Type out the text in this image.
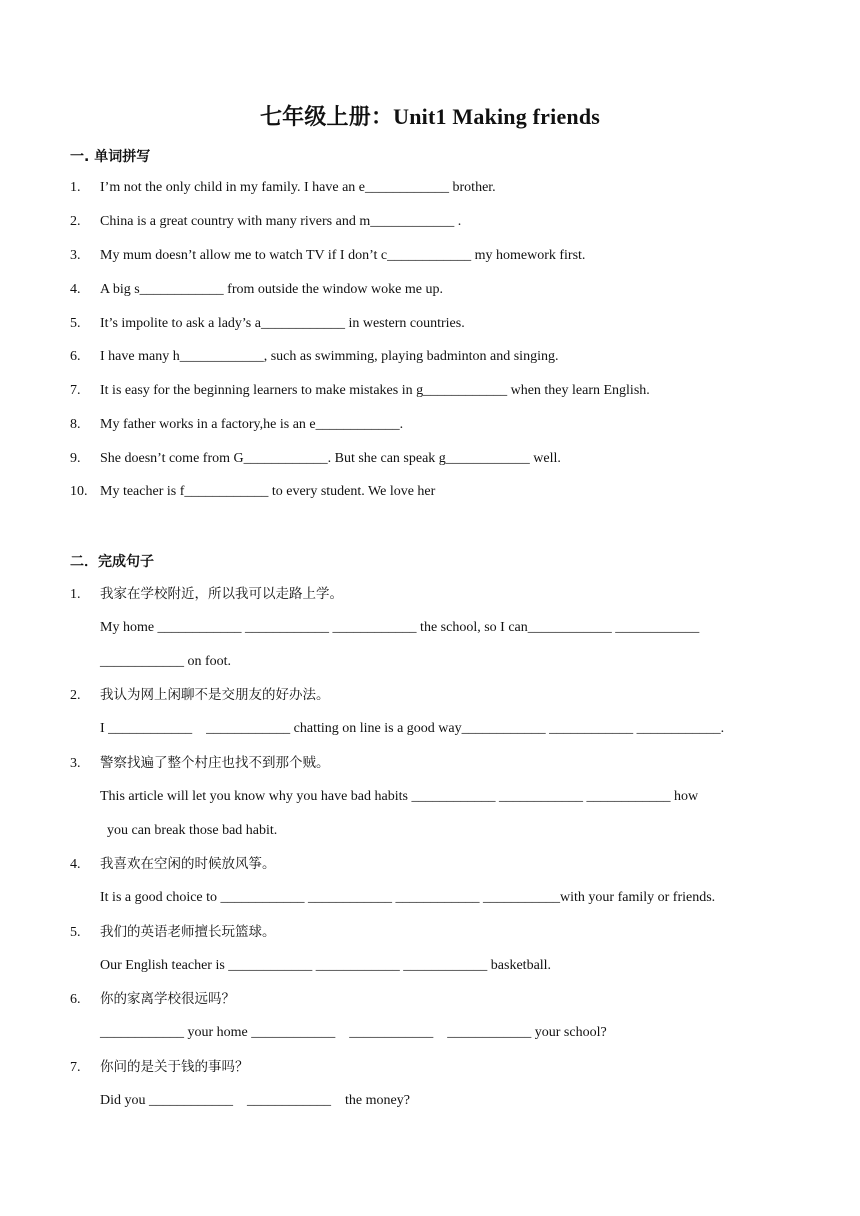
七年级上册：Unit1 Making friends
一. 单词拼写
1. I’m not the only child in my family. I have an e____________ brother.
2. China is a great country with many rivers and m____________ .
3. My mum doesn’t allow me to watch TV if I don’t c____________ my homework first.
4. A big s____________ from outside the window woke me up.
5. It’s impolite to ask a lady’s a____________ in western countries.
6. I have many h____________, such as swimming, playing badminton and singing.
7. It is easy for the beginning learners to make mistakes in g____________ when they learn English.
8. My father works in a factory,he is an e____________.
9. She doesn’t come from G____________. But she can speak g____________ well.
10. My teacher is f____________ to every student. We love her
二．完成句子
1. 我家在学校附近，所以我可以走路上学。
My home ____________ ____________ ____________ the school, so I can____________ ____________
____________ on foot.
2. 我认为网上闲聊不是交朋友的好办法。
I ____________    ____________ chatting on line is a good way____________ ____________ ____________.
3. 警察找遍了整个村庄也找不到那个贼。
This article will let you know why you have bad habits ____________ ____________ ____________ how
you can break those bad habit.
4. 我喜欢在空闲的时候放风筝。
It is a good choice to ____________ ____________ ____________ ___________with your family or friends.
5. 我们的英语老师擅长玩篮球。
Our English teacher is ____________ ____________ ____________ basketball.
6. 你的家离学校很远吗？
____________ your home ____________    ____________    ____________ your school?
7. 你问的是关于钱的事吗？
Did you ____________    ____________    the money?
